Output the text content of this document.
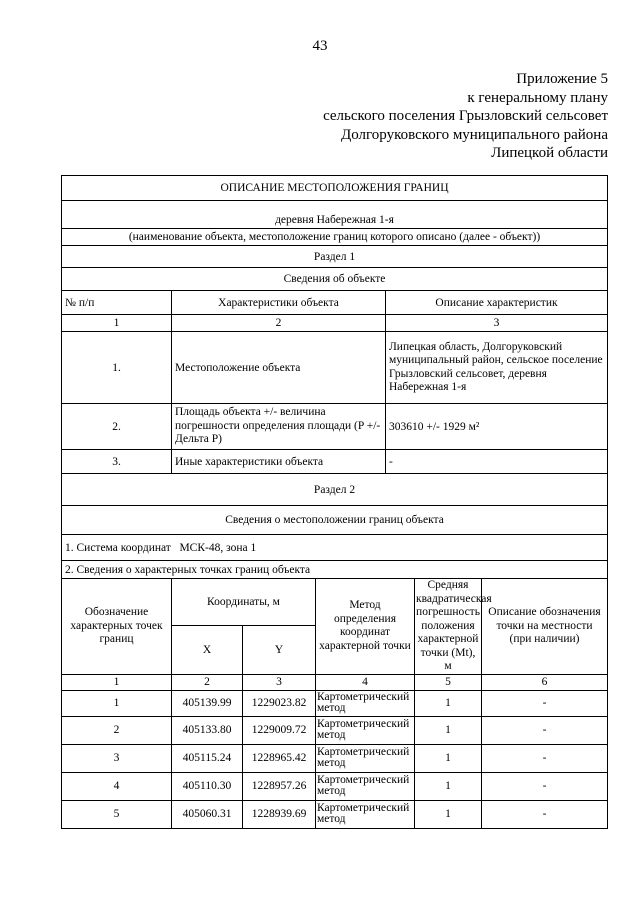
43
Приложение 5
к генеральному плану
сельского поселения Грызловский сельсовет
Долгоруковского муниципального района
Липецкой области
ОПИСАНИЕ МЕСТОПОЛОЖЕНИЯ ГРАНИЦ						
деревня Набережная 1-я						
(наименование объекта, местоположение границ которого описано (далее - объект))						
Раздел 1						
Сведения об объекте						
№ п/п	Характеристики объекта			Описание характеристик		
1	2			3		
1.	Местоположение объекта			Липецкая область, Долгоруковский муниципальный район, сельское поселение Грызловский сельсовет, деревня Набережная 1-я		
2.	Площадь объекта +/- величина погрешности определения площади (P +/- Дельта P)			303610 +/- 1929 м²		
3.	Иные характеристики объекта			-		
Раздел 2						
Сведения о местоположении границ объекта						
1. Система координат   МСК-48, зона 1						
2. Сведения о характерных точках границ объекта						
Обозначение характерных точек границ	Координаты, м		Метод определения координат характерной точки		Средняя квадратическая погрешность положения характерной точки (Mt), м	Описание обозначения точки на местности (при наличии)
	X	Y				
1	2	3	4		5	6
1	405139.99	1229023.82	Картометрический метод		1	-
2	405133.80	1229009.72	Картометрический метод		1	-
3	405115.24	1228965.42	Картометрический метод		1	-
4	405110.30	1228957.26	Картометрический метод		1	-
5	405060.31	1228939.69	Картометрический метод		1	-
